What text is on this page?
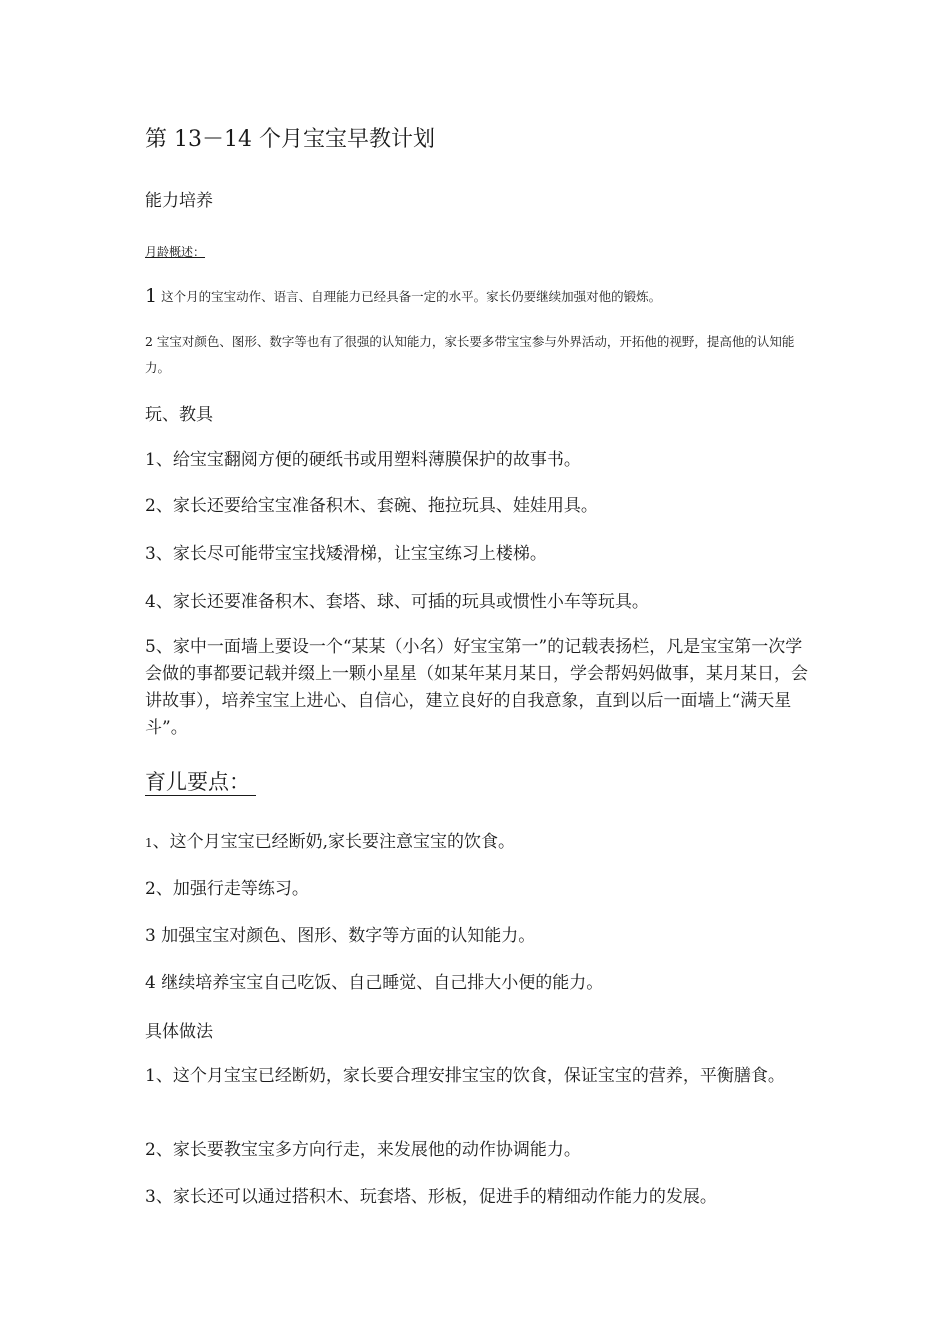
第 13－14 个月宝宝早教计划

能力培养

月龄概述：

1 这个月的宝宝动作、语言、自理能力已经具备一定的水平。家长仍要继续加强对他的锻炼。

2 宝宝对颜色、图形、数字等也有了很强的认知能力，家长要多带宝宝参与外界活动，开拓他的视野，提高他的认知能力。

玩、教具

1、给宝宝翻阅方便的硬纸书或用塑料薄膜保护的故事书。

2、家长还要给宝宝准备积木、套碗、拖拉玩具、娃娃用具。

3、家长尽可能带宝宝找矮滑梯，让宝宝练习上楼梯。

4、家长还要准备积木、套塔、球、可插的玩具或惯性小车等玩具。

5、家中一面墙上要设一个“某某（小名）好宝宝第一”的记载表扬栏，凡是宝宝第一次学会做的事都要记载并缀上一颗小星星（如某年某月某日，学会帮妈妈做事，某月某日，会讲故事），培养宝宝上进心、自信心，建立良好的自我意象，直到以后一面墙上“满天星斗”。

育儿要点：

1、这个月宝宝已经断奶,家长要注意宝宝的饮食。

2、加强行走等练习。

3 加强宝宝对颜色、图形、数字等方面的认知能力。

4 继续培养宝宝自己吃饭、自己睡觉、自己排大小便的能力。

具体做法

1、这个月宝宝已经断奶，家长要合理安排宝宝的饮食，保证宝宝的营养，平衡膳食。

2、家长要教宝宝多方向行走，来发展他的动作协调能力。

3、家长还可以通过搭积木、玩套塔、形板，促进手的精细动作能力的发展。
